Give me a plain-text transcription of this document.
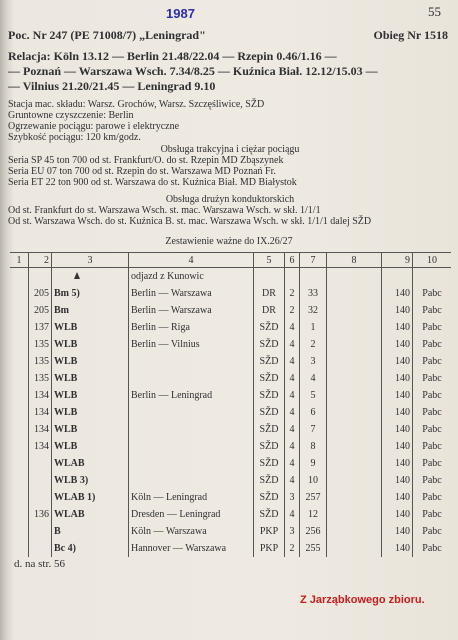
1987	55
Poc. Nr 247 (PE 71008/7) „Leningrad"	Obieg Nr 1518
Relacja: Köln 13.12 — Berlin 21.48/22.04 — Rzepin 0.46/1.16 —
— Poznań — Warszawa Wsch. 7.34/8.25 — Kuźnica Biał. 12.12/15.03 —
— Vilnius 21.20/21.45 — Leningrad 9.10
Stacja mac. składu: Warsz. Grochów, Warsz. Szczęśliwice, SŽD
Gruntowne czyszczenie: Berlin
Ogrzewanie pociągu: parowe i elektryczne
Szybkość pociągu: 120 km/godz.
Obsługa trakcyjna i ciężar pociągu
Seria SP 45 ton 700 od st. Frankfurt/O. do st. Rzepin MD Zbąszynek
Seria EU 07 ton 700 od st. Rzepin do st. Warszawa MD Poznań Fr.
Seria ET 22 ton 900 od st. Warszawa do st. Kuźnica Biał. MD Białystok
Obsługa drużyn konduktorskich
Od st. Frankfurt do st. Warszawa Wsch. st. mac. Warszawa Wsch. w skł. 1/1/1
Od st. Warszawa Wsch. do st. Kuźnica B. st. mac. Warszawa Wsch. w skł. 1/1/1 dalej SŽD
Zestawienie ważne do IX.26/27
1	2	3	4	5	6	7	8	9	10
			odjazd z Kunowic						
	205	Bm 5)	Berlin — Warszawa	DR	2	33		140	Pabc
	205	Bm	Berlin — Warszawa	DR	2	32		140	Pabc
	137	WLB	Berlin — Riga	SŽD	4	1		140	Pabc
	135	WLB	Berlin — Vilnius	SŽD	4	2		140	Pabc
	135	WLB		SŽD	4	3		140	Pabc
	135	WLB		SŽD	4	4		140	Pabc
	134	WLB	Berlin — Leningrad	SŽD	4	5		140	Pabc
	134	WLB		SŽD	4	6		140	Pabc
	134	WLB		SŽD	4	7		140	Pabc
	134	WLB		SŽD	4	8		140	Pabc
		WLAB		SŽD	4	9		140	Pabc
		WLB 3)		SŽD	4	10		140	Pabc
		WLAB 1)	Köln — Leningrad	SŽD	3	257		140	Pabc
	136	WLAB	Dresden — Leningrad	SŽD	4	12		140	Pabc
		B	Köln — Warszawa	PKP	3	256		140	Pabc
		Bc 4)	Hannover — Warszawa	PKP	2	255		140	Pabc
d. na str. 56
Z Jarząbkowego zbioru.
